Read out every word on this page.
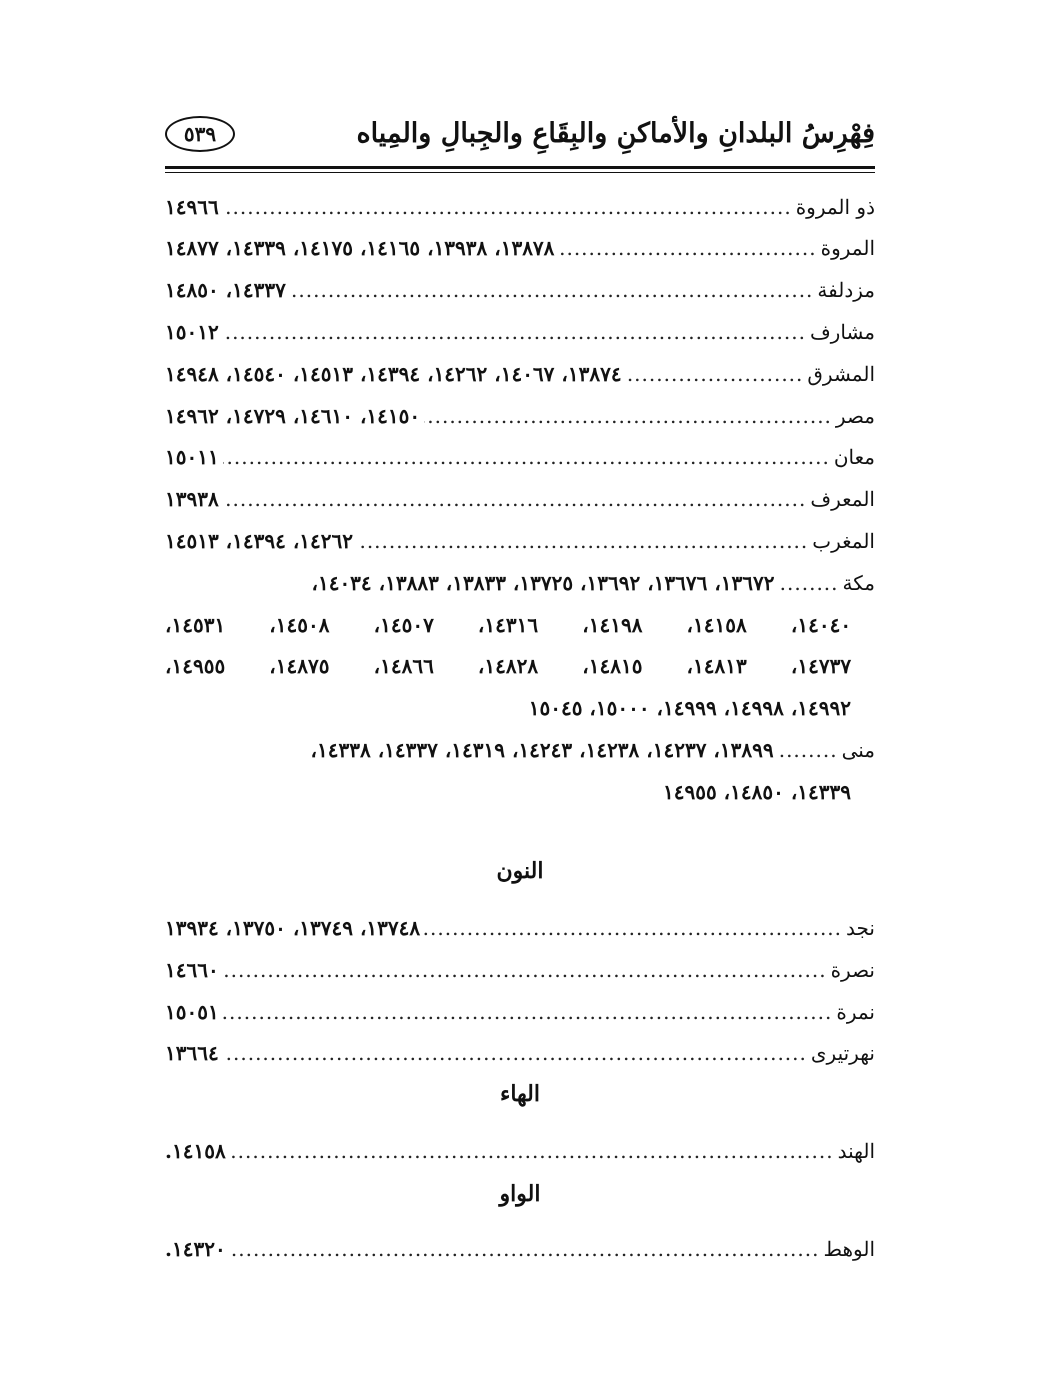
فِهْرِسُ البلدانِ والأماكنِ والبِقَاعِ والجِبالِ والمِياه
٥٣٩
ذو المروة
.....
١٤٩٦٦
المروة
.....
١٣٨٧٨، ١٣٩٣٨، ١٤١٦٥، ١٤١٧٥، ١٤٣٣٩، ١٤٨٧٧
مزدلفة
.....
١٤٣٣٧، ١٤٨٥٠
مشارف
.....
١٥٠١٢
المشرق
.....
١٣٨٧٤، ١٤٠٦٧، ١٤٢٦٢، ١٤٣٩٤، ١٤٥١٣، ١٤٥٤٠، ١٤٩٤٨
مصر
.....
١٤١٥٠، ١٤٦١٠، ١٤٧٢٩، ١٤٩٦٢
معان
.....
١٥٠١١
المعرف
.....
١٣٩٣٨
المغرب
.....
١٤٢٦٢، ١٤٣٩٤، ١٤٥١٣
مكة
.....
١٣٦٧٢، ١٣٦٧٦، ١٣٦٩٢، ١٣٧٢٥، ١٣٨٣٣، ١٣٨٨٣، ١٤٠٣٤،
١٤٠٤٠، ١٤١٥٨، ١٤١٩٨، ١٤٣١٦، ١٤٥٠٧، ١٤٥٠٨، ١٤٥٣١،
١٤٧٣٧، ١٤٨١٣، ١٤٨١٥، ١٤٨٢٨، ١٤٨٦٦، ١٤٨٧٥، ١٤٩٥٥،
١٤٩٩٢، ١٤٩٩٨، ١٤٩٩٩، ١٥٠٠٠، ١٥٠٤٥
منى
.....
١٣٨٩٩، ١٤٢٣٧، ١٤٢٣٨، ١٤٢٤٣، ١٤٣١٩، ١٤٣٣٧، ١٤٣٣٨،
١٤٣٣٩، ١٤٨٥٠، ١٤٩٥٥
النون
نجد
.....
١٣٧٤٨، ١٣٧٤٩، ١٣٧٥٠، ١٣٩٣٤
نصرة
.....
١٤٦٦٠
نمرة
.....
١٥٠٥١
نهرتيرى
.....
١٣٦٦٤
الهاء
الهند
.....
١٤١٥٨.
الواو
الوهط
.....
١٤٣٢٠.
